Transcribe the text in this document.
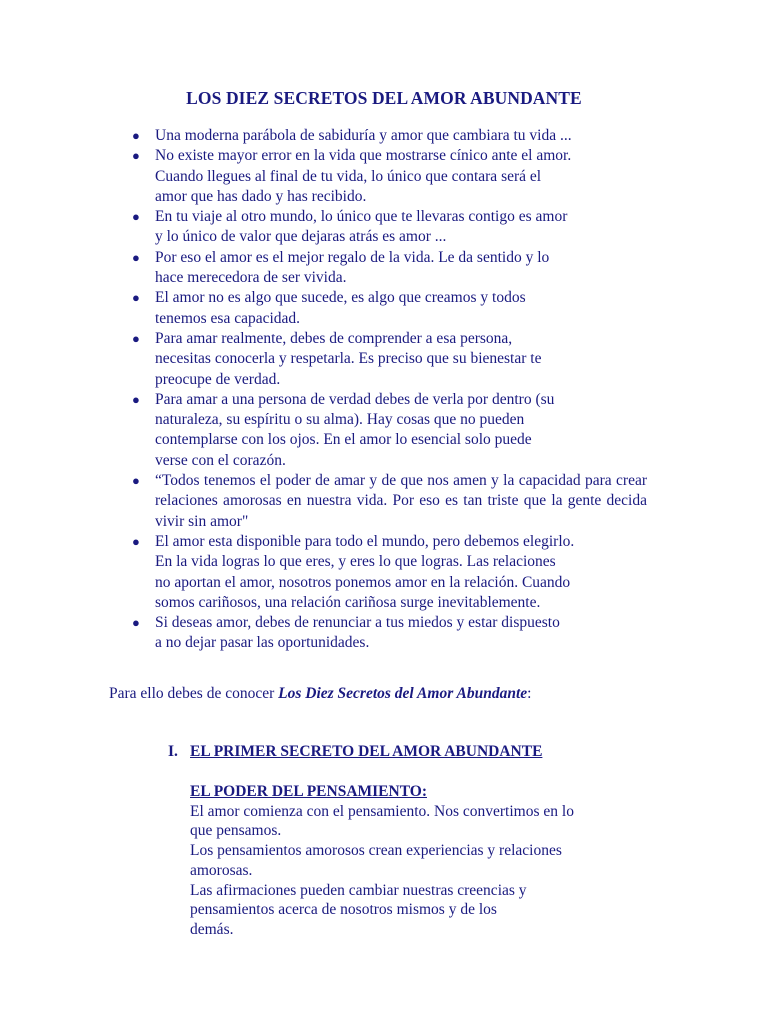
LOS DIEZ SECRETOS DEL AMOR ABUNDANTE
● Una moderna parábola de sabiduría y amor que cambiara tu vida ...
● No existe mayor error en la vida que mostrarse cínico ante el amor.
Cuando llegues al final de tu vida, lo único que contara será el
amor que has dado y has recibido.
● En tu viaje al otro mundo, lo único que te llevaras contigo es amor
y lo único de valor que dejaras atrás es amor ...
● Por eso el amor es el mejor regalo de la vida. Le da sentido y lo
hace merecedora de ser vivida.
● El amor no es algo que sucede, es algo que creamos y todos
tenemos esa capacidad.
● Para amar realmente, debes de comprender a esa persona,
necesitas conocerla y respetarla. Es preciso que su bienestar te
preocupe de verdad.
● Para amar a una persona de verdad debes de verla por dentro (su
naturaleza, su espíritu o su alma). Hay cosas que no pueden
contemplarse con los ojos. En el amor lo esencial solo puede
verse con el corazón.
● “Todos tenemos el poder de amar y de que nos amen y la capacidad para crear relaciones amorosas en nuestra vida. Por eso es tan triste que la gente decida vivir sin amor"
● El amor esta disponible para todo el mundo, pero debemos elegirlo.
En la vida logras lo que eres, y eres lo que logras. Las relaciones
no aportan el amor, nosotros ponemos amor en la relación. Cuando
somos cariñosos, una relación cariñosa surge inevitablemente.
● Si deseas amor, debes de renunciar a tus miedos y estar dispuesto
a no dejar pasar las oportunidades.
Para ello debes de conocer Los Diez Secretos del Amor Abundante:
I. EL PRIMER SECRETO DEL AMOR ABUNDANTE
EL PODER DEL PENSAMIENTO:

El amor comienza con el pensamiento. Nos convertimos en lo
que pensamos.

Los pensamientos amorosos crean experiencias y relaciones
amorosas.

Las afirmaciones pueden cambiar nuestras creencias y
pensamientos acerca de nosotros mismos y de los
demás.
